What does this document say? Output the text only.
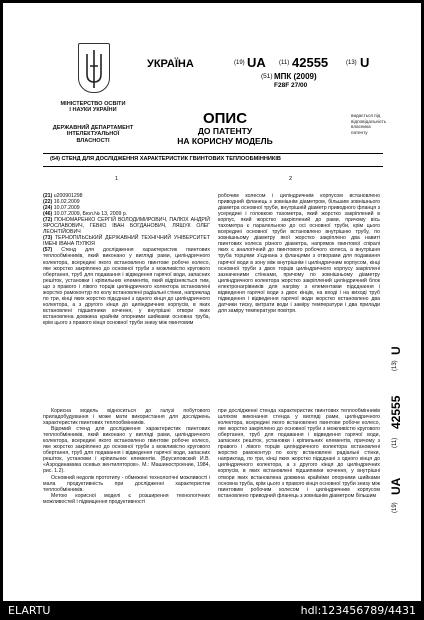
МІНІСТЕРСТВО ОСВІТИ
І НАУКИ УКРАЇНИ
ДЕРЖАВНИЙ ДЕПАРТАМЕНТ
ІНТЕЛЕКТУАЛЬНОЇ
ВЛАСНОСТІ
УКРАЇНА	(19) UA (11) 42555	(13) U
(51) МПК (2009)
F28F 27/00
ОПИС
ДО ПАТЕНТУ
НА КОРИСНУ МОДЕЛЬ
видається під
відповідальність
власника
патенту
(54) СТЕНД ДЛЯ ДОСЛІДЖЕННЯ ХАРАКТЕРИСТИК ГВИНТОВИХ ТЕПЛООБМІННИКІВ
1	2

(21) u200901298

(22) 16.02.2009

(24) 10.07.2009

(46) 10.07.2009, Бюл.№ 13, 2009 р.

(72) ПОНОМАРЕНКО СЕРГІЙ ВОЛОДИМИРОВИЧ, ПАЛЮХ АНДРІЙ ЯРОСЛАВОВИЧ, ГЕВКО ІВАН БОГДАНОВИЧ, ЛЯШУК ОЛЕГ ЛЕОНТІЙОВИЧ

(73) ТЕРНОПІЛЬСЬКИЙ ДЕРЖАВНИЙ ТЕХНІЧНИЙ УНІВЕРСИТЕТ ІМЕНІ ІВАНА ПУЛЮЯ

(57) Стенд для дослідження характеристик гвинтових теплообмінників, який виконано у вигляді рами, циліндричного колектора, всередині якого встановлено гвинтове робоче колесо, яке жорстко закріплено до основної труби з можливістю кругового обертання, труб для подавання і відведення гарячої води, запасних решіток, установки і кріпильних елементів, який відрізняється тим, що з правого і лівого торців циліндричного колектора встановлені жорстко рамоконтур по колу встановлені радіальні стінки, наприклад по три, кінці яких жорстко підєднані з одного кінця до циліндричного колектора, а з другого кінця до циліндричних корпусів, в яких встановлені підшипники кочення, у внутрішні отвори яких встановлена довжина крайнім опорними шийками основна труба, крім цього з правого кінця основної труби знизу між гвинтовим

робочим колесом і циліндричним корпусом встановлено приводний фланець з зовнішнім діаметром, більшим зовнішнього діаметра основної труби, внутрішній діаметр приводного фланця з усередині і головкою тахометра, який жорстко закріплений в корпус, який жорстко закріплений до рами, причому вісь тахометра є паралельною до осі основної труби, крім цього всередині основної труби встановлено внутрішню трубу, по зовнішньому діаметру якої жорстко закріплено два навиті гвинтових колеса різного діаметра, напрямок гвинтової спіралі яких є аналогічний до гвинтового робочого колеса, а внутрішня труба торцями з'єднана з фланцями з отворами для подавання гарячої води в зону між внутрішнім і циліндричним корпусом, кінці основної труби з двох торців циліндричного корпусу закріплені зазначеними стінками, причому по зовнішньому діаметру циліндричного колектора жорстко закріплений циліндричний блок електронагрівників для нагріву з елементами підєднання і відведення гарячої води з двох кінців, на вході і на виході труб підведення і відведення гарячої води жорстко встановлено два датчики тиску, витрати води і заміру температури і два прилади для заміру температури повітря.

Корисна модель відноситься до галузі побутового приладобудування і може мати використання для досліджень характеристик гвинтових теплообмінників.

Відомий стенд для дослідження характеристик гвинтових теплообмінників, який виконано у вигляді рами, циліндричного колектора, всередині якого встановлено гвинтове робоче колесо, яке жорстко закріплено до основної труби з можливістю кругового обертання, труб для подавання і відведення гарячої води, запасних решіток, установки і кріпильних елементів. (Брусиловский И.В. «Аэродинамика осевых вентиляторов». М.: Машиностроение, 1984, рис. 1.2).

Основний недолік прототипу - обмежені технологічні можливості і мала продуктивність при дослідженні характеристик теплообмінників.

Метою корисної моделі є розширення технологічних можливостей і підвищення продуктивності

при дослідженні стенда характеристик гвинтових теплообмінників шляхом виконання стенда у вигляді рами, циліндричного колектора, всередині якого встановлено гвинтове робоче колесо, яке жорстко закріплено до основної труби з можливістю кругового обертання, труб для подавання і відведення гарячої води, запасних решіток, установки і кріпильних елементів, причому з правого і лівого торців циліндричного колектора встановлені жорстко рамоконтур по колу встановлені радіальні стінки, наприклад, по три, кінці яких жорстко підєднані з одного кінця до циліндричного колектора, а з другого кінця до циліндричних корпусів, в яких встановлені підшипники кочення, у внутрішні отвори яких встановлена довжина крайніми опорними шийками основна труба, крім цього з правого кінця основної труби знизу між гвинтовим робочим колесом і циліндричним корпусом встановлено приводний фланець з зовнішнім діаметром більшим

(13)
U
(11)
42555
(19)
UA
ELARTU	hdl:123456789/4431
